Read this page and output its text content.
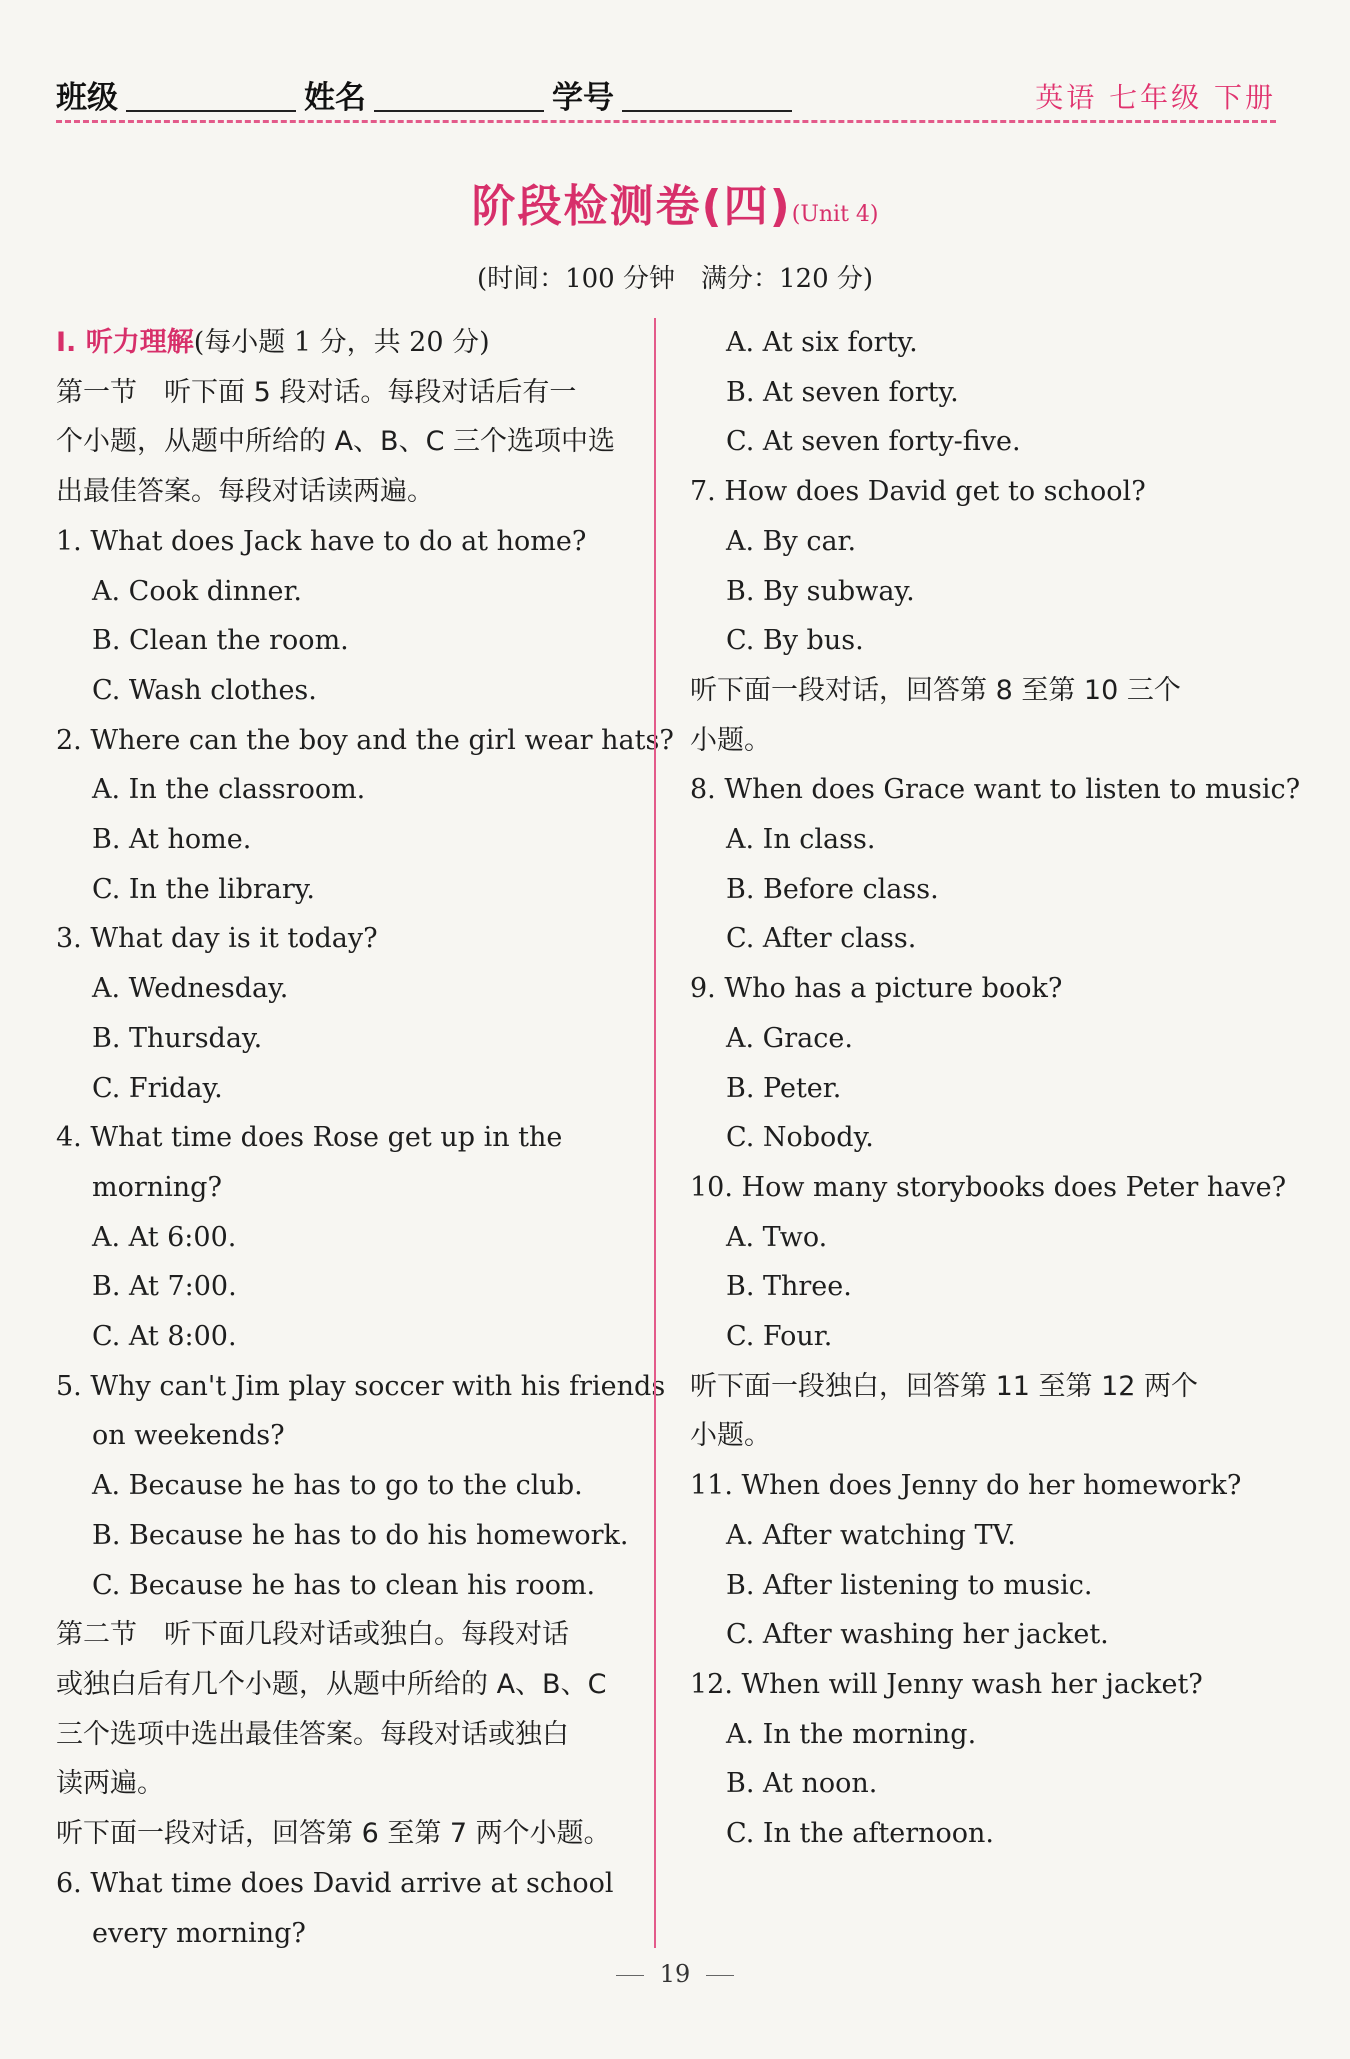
班级	姓名	学号	英语 七年级 下册
阶段检测卷(四)(Unit 4)
(时间：100 分钟　满分：120 分)
Ⅰ. 听力理解(每小题 1 分，共 20 分)
第一节　听下面 5 段对话。每段对话后有一
个小题，从题中所给的 A、B、C 三个选项中选
出最佳答案。每段对话读两遍。
1. What does Jack have to do at home?
A. Cook dinner.
B. Clean the room.
C. Wash clothes.
2. Where can the boy and the girl wear hats?
A. In the classroom.
B. At home.
C. In the library.
3. What day is it today?
A. Wednesday.
B. Thursday.
C. Friday.
4. What time does Rose get up in the
morning?
A. At 6:00.
B. At 7:00.
C. At 8:00.
5. Why can't Jim play soccer with his friends
on weekends?
A. Because he has to go to the club.
B. Because he has to do his homework.
C. Because he has to clean his room.
第二节　听下面几段对话或独白。每段对话
或独白后有几个小题，从题中所给的 A、B、C
三个选项中选出最佳答案。每段对话或独白
读两遍。
听下面一段对话，回答第 6 至第 7 两个小题。
6. What time does David arrive at school
every morning?
A. At six forty.
B. At seven forty.
C. At seven forty-five.
7. How does David get to school?
A. By car.
B. By subway.
C. By bus.
听下面一段对话，回答第 8 至第 10 三个
小题。
8. When does Grace want to listen to music?
A. In class.
B. Before class.
C. After class.
9. Who has a picture book?
A. Grace.
B. Peter.
C. Nobody.
10. How many storybooks does Peter have?
A. Two.
B. Three.
C. Four.
听下面一段独白，回答第 11 至第 12 两个
小题。
11. When does Jenny do her homework?
A. After watching TV.
B. After listening to music.
C. After washing her jacket.
12. When will Jenny wash her jacket?
A. In the morning.
B. At noon.
C. In the afternoon.
19
